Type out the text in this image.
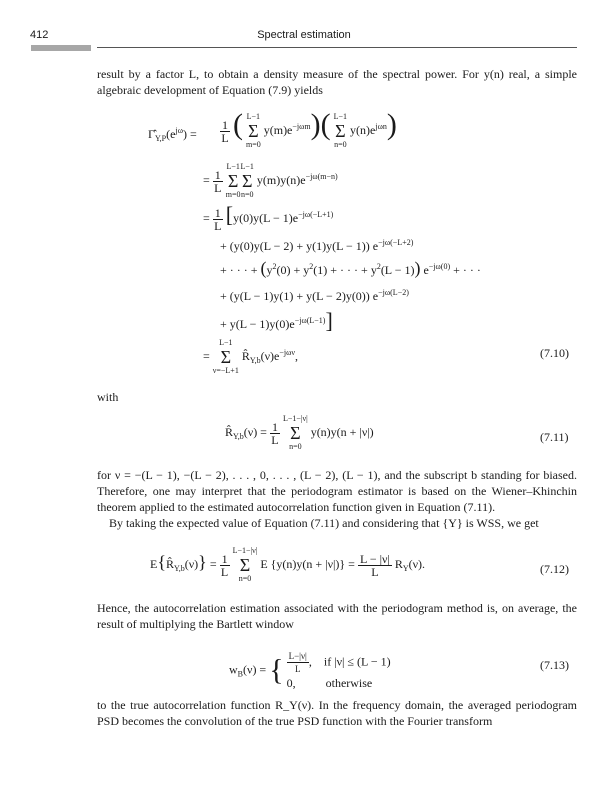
412	Spectral estimation
result by a factor L, to obtain a density measure of the spectral power. For y(n) real, a simple algebraic development of Equation (7.9) yields
$\Gammâ_{Y,P}(e^{j\omega}) = \frac{1}{L}$ ( L−1
Σ
m=0
$y(m)e^{-j\omega m}$)( L−1
Σ
n=0
$y(n)e^{j\omega n}$)
= $\frac{1}{L}$

L−1
Σ
m=0
L−1
Σ
n=0
$y(m)y(n)e^{-j\omega(m-n)}$
= $\frac{1}{L} [y(0)y(L - 1)e^{-j\omega(-L+1)}$
+ (y(0)y(L − 2) + y(1)y(L − 1)) $e^{-j\omega(-L+2)}$
+ · · · + ($y^2(0) + y^2(1)$ + · · · + $y^2(L - 1)$) $e^{-j\omega(0)}$ + · · ·
+ (y(L − 1)y(1) + y(L − 2)y(0)) $e^{-j\omega(L-2)}$
+ $y(L - 1)y(0)e^{-j\omega(L-1)}$]
=
L−1
Σ
ν=−L+1
$R̂_{Y,b}(\nu)e^{-j\omega\nu}$,	(7.10)
with
$R̂_{Y,b}(\nu) = \frac{1}{L}$

L−1−|ν|
Σ
n=0
y(n)y(n + |ν|)	(7.11)
for ν = −(L − 1), −(L − 2), . . . , 0, . . . , (L − 2), (L − 1), and the subscript b standing for biased. Therefore, one may interpret that the periodogram estimator is based on the Wiener–Khinchin theorem applied to the estimated autocorrelation function given in Equation (7.11).
By taking the expected value of Equation (7.11) and considering that {Y} is WSS, we get
$E\{R̂_{Y,b}(\nu)\} = \frac{1}{L}$

L−1−|ν|
Σ
n=0
E $\{y(n)y(n + |\nu|)\} = \frac{L - |\nu|}{L} R_Y(\nu)$.	(7.12)
Hence, the autocorrelation estimation associated with the periodogram method is, on average, the result of multiplying the Bartlett window
$w_B(\nu)$ = { $\frac{L-|\nu|}{L}$ ,    if |ν| ≤ (L − 1)
0,          otherwise
(7.13)
to the true autocorrelation function R_Y(ν). In the frequency domain, the averaged periodogram PSD becomes the convolution of the true PSD function with the Fourier transform
